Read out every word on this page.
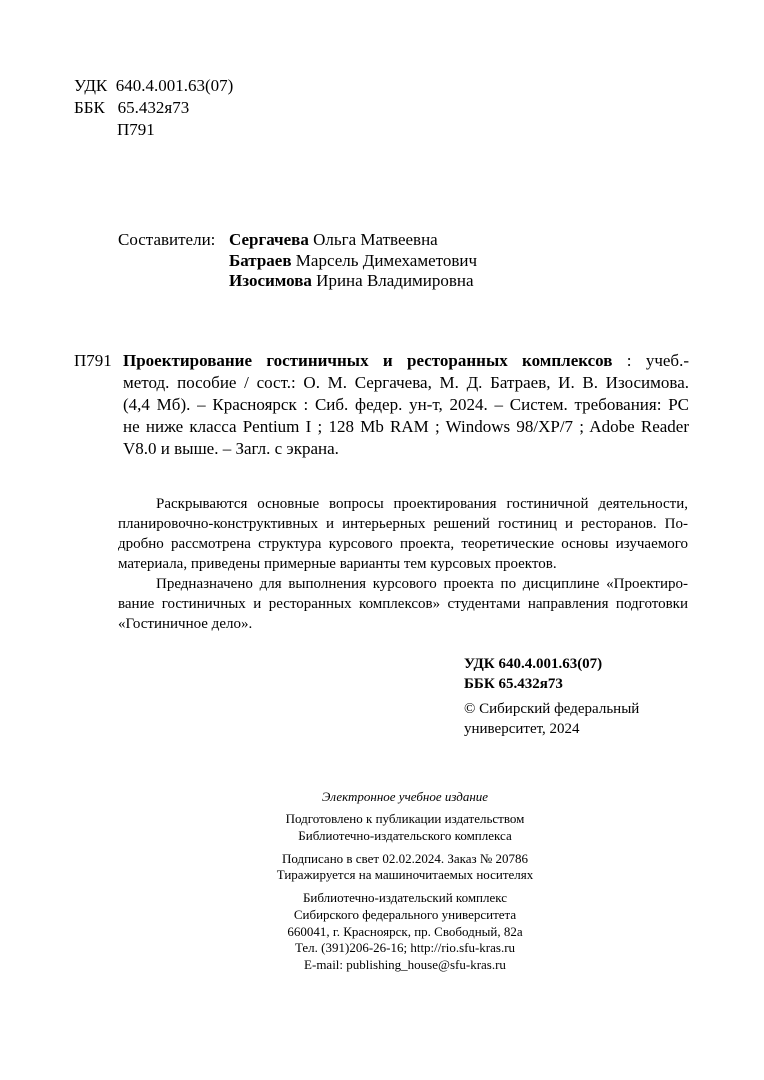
УДК 640.4.001.63(07)
ББК 65.432я73
П791
Составители: Сергачева Ольга Матвеевна
Батраев Марсель Димехаметович
Изосимова Ирина Владимировна
П791 Проектирование гостиничных и ресторанных комплексов : учеб.-
метод. пособие / сост.: О. М. Сергачева, М. Д. Батраев, И. В. Изосимова.
(4,4 Мб). – Красноярск : Сиб. федер. ун-т, 2024. – Систем. требования: PC
не ниже класса Pentium I ; 128 Mb RAM ; Windows 98/XP/7 ; Adobe Reader
V8.0 и выше. – Загл. с экрана.
Раскрываются основные вопросы проектирования гостиничной деятельности,
планировочно-конструктивных и интерьерных решений гостиниц и ресторанов. По-
дробно рассмотрена структура курсового проекта, теоретические основы изучаемого
материала, приведены примерные варианты тем курсовых проектов.
Предназначено для выполнения курсового проекта по дисциплине «Проектиро-
вание гостиничных и ресторанных комплексов» студентами направления подготовки
«Гостиничное дело».
УДК 640.4.001.63(07)
ББК 65.432я73
© Сибирский федеральный
университет, 2024
Электронное учебное издание
Подготовлено к публикации издательством
Библиотечно-издательского комплекса
Подписано в свет 02.02.2024. Заказ № 20786
Тиражируется на машиночитаемых носителях
Библиотечно-издательский комплекс
Сибирского федерального университета
660041, г. Красноярск, пр. Свободный, 82а
Тел. (391)206-26-16; http://rio.sfu-kras.ru
E-mail: publishing_house@sfu-kras.ru
